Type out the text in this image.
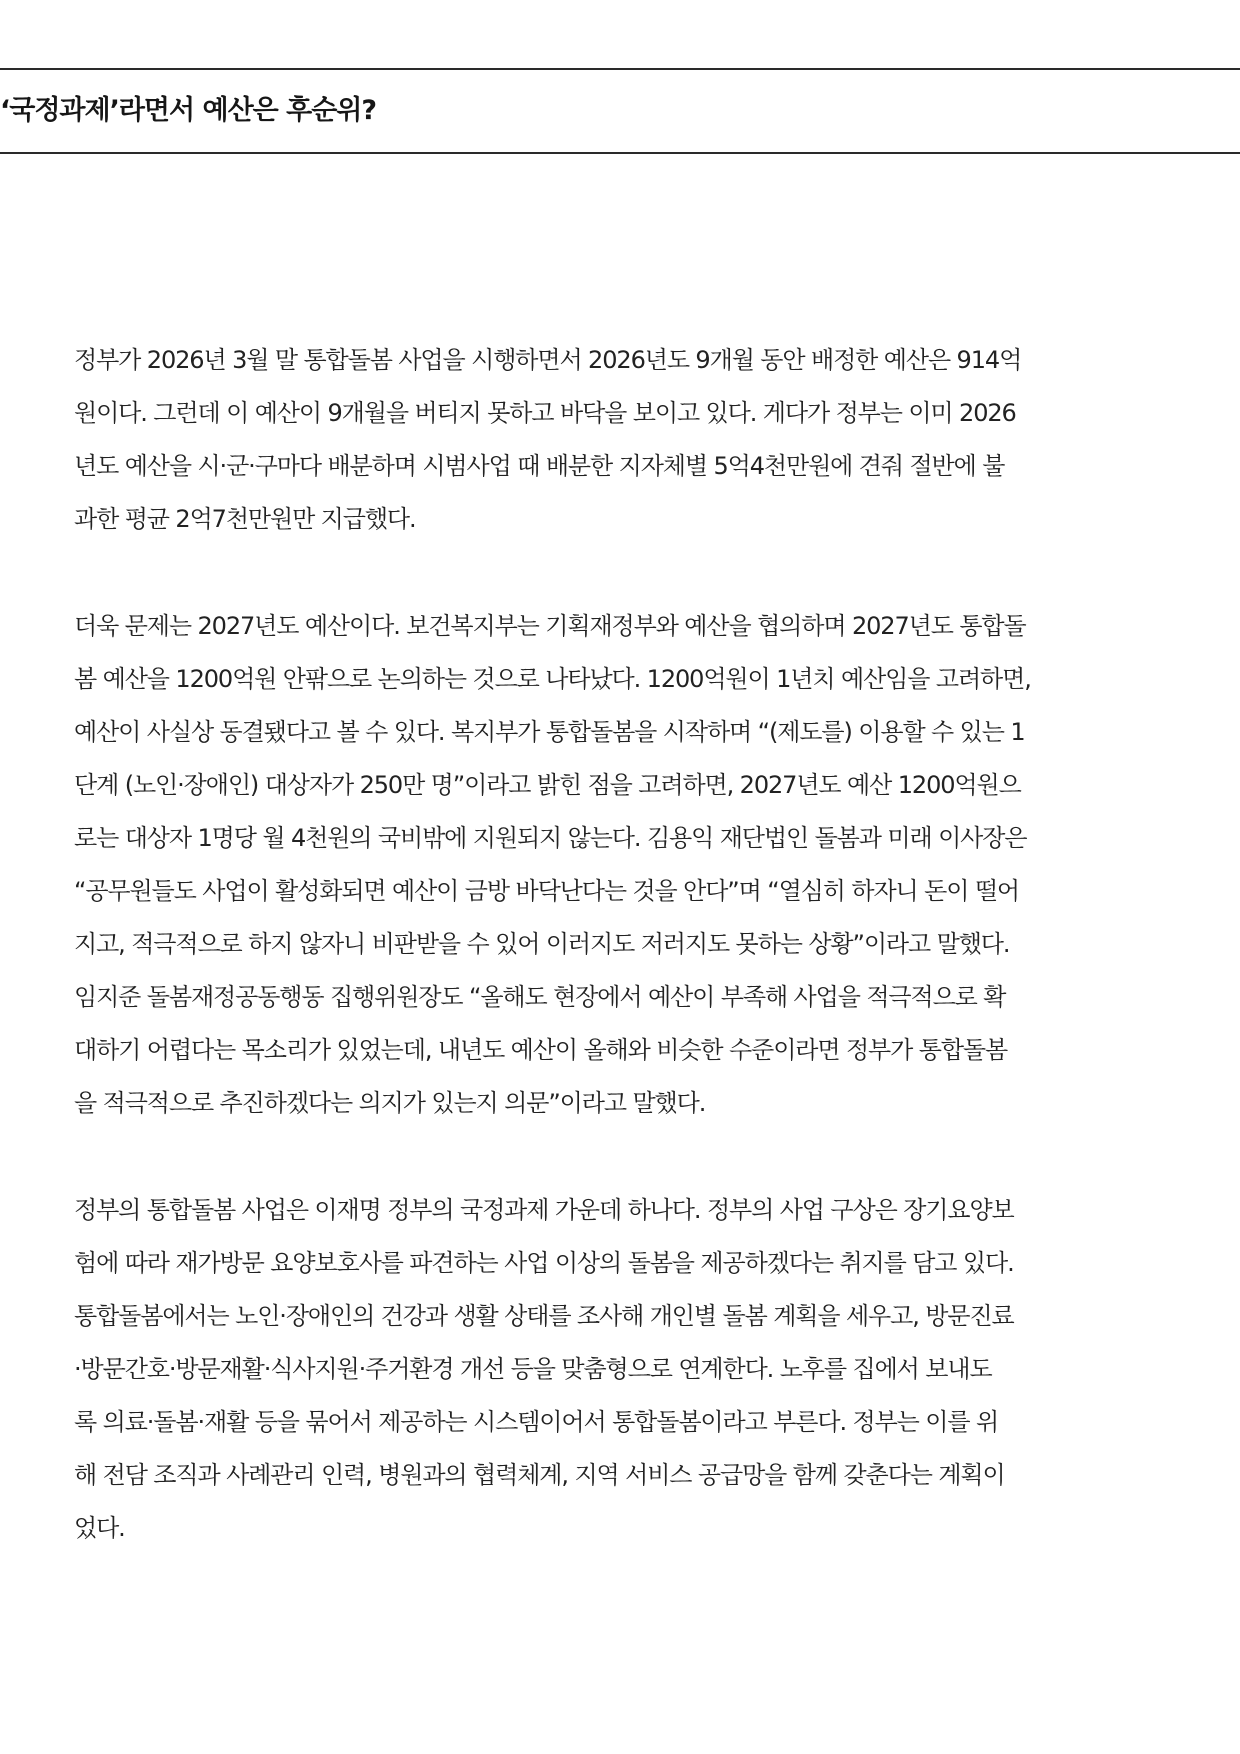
‘국정과제’라면서 예산은 후순위?

정부가 2026년 3월 말 통합돌봄 사업을 시행하면서 2026년도 9개월 동안 배정한 예산은 914억
원이다. 그런데 이 예산이 9개월을 버티지 못하고 바닥을 보이고 있다. 게다가 정부는 이미 2026
년도 예산을 시·군·구마다 배분하며 시범사업 때 배분한 지자체별 5억4천만원에 견줘 절반에 불
과한 평균 2억7천만원만 지급했다.

더욱 문제는 2027년도 예산이다. 보건복지부는 기획재정부와 예산을 협의하며 2027년도 통합돌
봄 예산을 1200억원 안팎으로 논의하는 것으로 나타났다. 1200억원이 1년치 예산임을 고려하면,
예산이 사실상 동결됐다고 볼 수 있다. 복지부가 통합돌봄을 시작하며 “(제도를) 이용할 수 있는 1
단계 (노인·장애인) 대상자가 250만 명”이라고 밝힌 점을 고려하면, 2027년도 예산 1200억원으
로는 대상자 1명당 월 4천원의 국비밖에 지원되지 않는다. 김용익 재단법인 돌봄과 미래 이사장은
“공무원들도 사업이 활성화되면 예산이 금방 바닥난다는 것을 안다”며 “열심히 하자니 돈이 떨어
지고, 적극적으로 하지 않자니 비판받을 수 있어 이러지도 저러지도 못하는 상황”이라고 말했다.
임지준 돌봄재정공동행동 집행위원장도 “올해도 현장에서 예산이 부족해 사업을 적극적으로 확
대하기 어렵다는 목소리가 있었는데, 내년도 예산이 올해와 비슷한 수준이라면 정부가 통합돌봄
을 적극적으로 추진하겠다는 의지가 있는지 의문”이라고 말했다.

정부의 통합돌봄 사업은 이재명 정부의 국정과제 가운데 하나다. 정부의 사업 구상은 장기요양보
험에 따라 재가방문 요양보호사를 파견하는 사업 이상의 돌봄을 제공하겠다는 취지를 담고 있다.
통합돌봄에서는 노인·장애인의 건강과 생활 상태를 조사해 개인별 돌봄 계획을 세우고, 방문진료
·방문간호·방문재활·식사지원·주거환경 개선 등을 맞춤형으로 연계한다. 노후를 집에서 보내도
록 의료·돌봄·재활 등을 묶어서 제공하는 시스템이어서 통합돌봄이라고 부른다. 정부는 이를 위
해 전담 조직과 사례관리 인력, 병원과의 협력체계, 지역 서비스 공급망을 함께 갖춘다는 계획이
었다.
